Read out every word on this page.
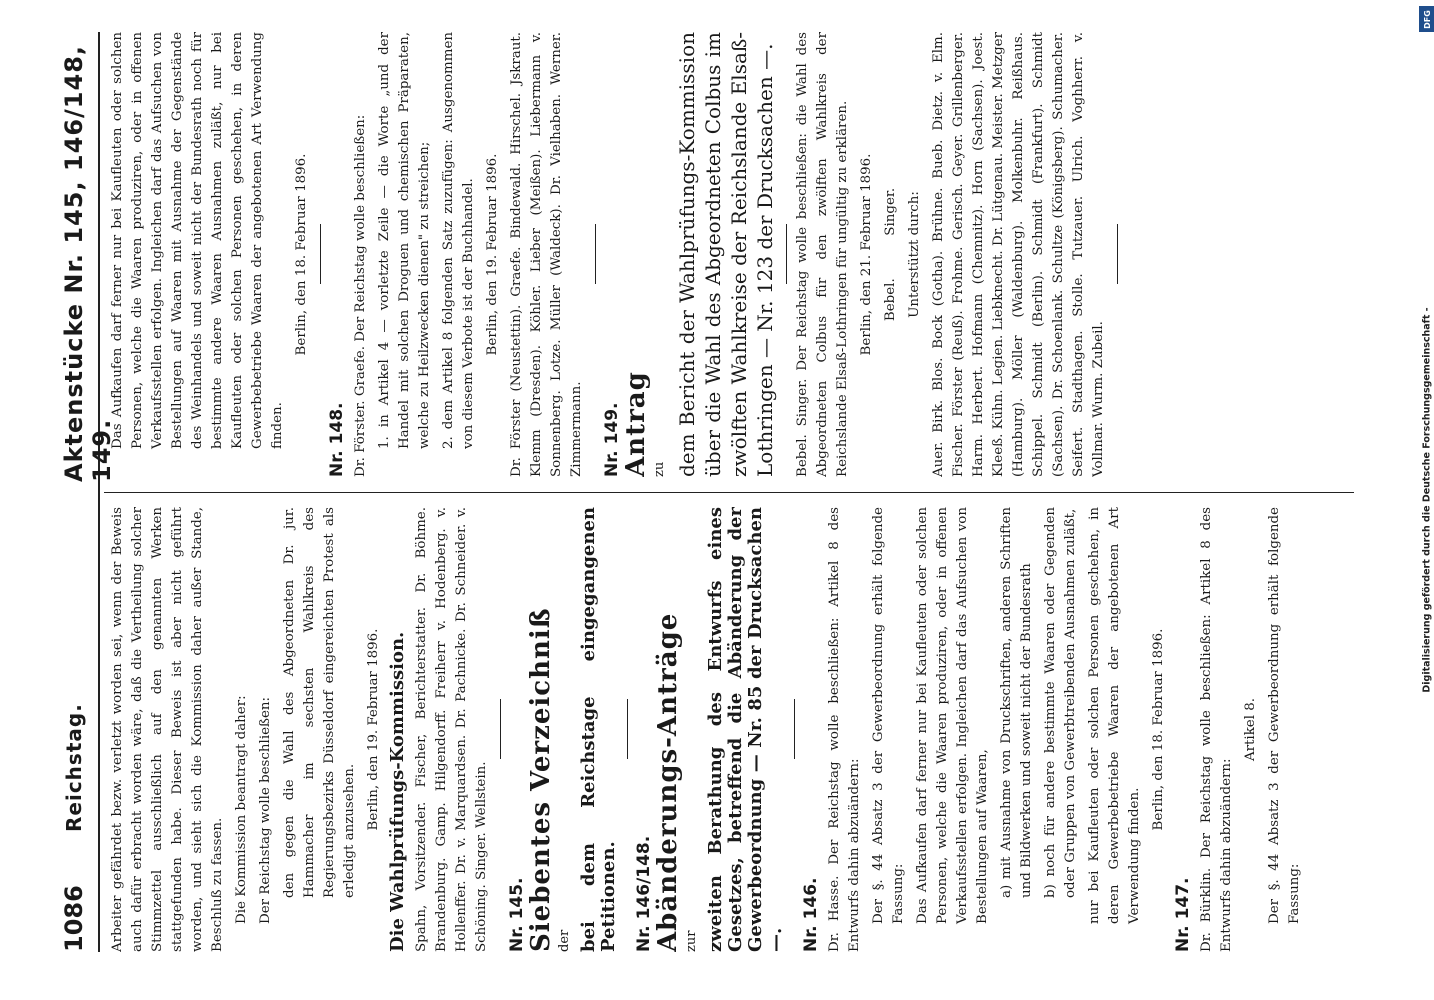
1086
Reichstag.
Aktenstücke Nr. 145, 146/148, 149.

Arbeiter gefährdet bezw. verletzt worden sei, wenn der Beweis auch dafür erbracht worden wäre, daß die Vertheilung solcher Stimmzettel ausschließlich auf den genannten Werken stattgefunden habe. Dieser Beweis ist aber nicht geführt worden, und sieht sich die Kommission daher außer Stande, Beschluß zu fassen. Die Kommission beantragt daher: Der Reichstag wolle beschließen: den gegen die Wahl des Abgeordneten Dr. jur. Hammacher im sechsten Wahlkreis des Regierungsbezirks Düsseldorf eingereichten Protest als erledigt anzusehen.

Berlin, den 19. Februar 1896. Die Wahlprüfungs-Kommission. Spahn, Vorsitzender. Fischer, Berichterstatter. Dr. Böhme. Brandenburg. Gamp. Hilgendorff. Freiherr v. Hodenberg. v. Hollenffer. Dr. v. Marquardsen. Dr. Pachnicke. Dr. Schneider. v. Schöning. Singer. Wellstein. Nr. 145. Siebentes Verzeichniß der bei dem Reichstage eingegangenen Petitionen. Nr. 146/148. Abänderungs-Anträge zur zweiten Berathung des Entwurfs eines Gesetzes, betreffend die Abänderung der Gewerbeordnung — Nr. 85 der Drucksachen —. Nr. 146. Dr. Hasse. Der Reichstag wolle beschließen: Artikel 8 des Entwurfs dahin abzuändern: Der §. 44 Absatz 3 der Gewerbeordnung erhält folgende Fassung: Das Aufkaufen darf ferner nur bei Kaufleuten oder solchen Personen, welche die Waaren produziren, oder in offenen Verkaufsstellen erfolgen. Ingleichen darf das Aufsuchen von Bestellungen auf Waaren, a) mit Ausnahme von Druckschriften, anderen Schriften und Bildwerken und soweit nicht der Bundesrath b) noch für andere bestimmte Waaren oder Gegenden oder Gruppen von Gewerbtreibenden Ausnahmen zuläßt, nur bei Kaufleuten oder solchen Personen geschehen, in deren Gewerbebetriebe Waaren der angebotenen Art Verwendung finden.

Berlin, den 18. Februar 1896.

Nr. 147. Dr. Bürklin. Der Reichstag wolle beschließen: Artikel 8 des Entwurfs dahin abzuändern:

Artikel 8. Der §. 44 Absatz 3 der Gewerbeordnung erhält folgende Fassung:

Das Aufkaufen darf ferner nur bei Kaufleuten oder solchen Personen, welche die Waaren produziren, oder in offenen Verkaufsstellen erfolgen. Ingleichen darf das Aufsuchen von Bestellungen auf Waaren mit Ausnahme der Gegenstände des Weinhandels und soweit nicht der Bundesrath noch für bestimmte andere Waaren Ausnahmen zuläßt, nur bei Kaufleuten oder solchen Personen geschehen, in deren Gewerbebetriebe Waaren der angebotenen Art Verwendung finden.

Berlin, den 18. Februar 1896.

Nr. 148. Dr. Förster. Graefe. Der Reichstag wolle beschließen: 1. in Artikel 4 — vorletzte Zeile — die Worte „und der Handel mit solchen Droguen und chemischen Präparaten, welche zu Heilzwecken dienen" zu streichen; 2. dem Artikel 8 folgenden Satz zuzufügen: Ausgenommen von diesem Verbote ist der Buchhandel. Berlin, den 19. Februar 1896. Dr. Förster (Neustettin). Graefe. Bindewald. Hirschel. Jskraut. Klemm (Dresden). Köhler. Lieber (Meißen). Liebermann v. Sonnenberg. Lotze. Müller (Waldeck). Dr. Vielhaben. Werner. Zimmermann. Nr. 149. Antrag zu dem Bericht der Wahlprüfungs-Kommission über die Wahl des Abgeordneten Colbus im zwölften Wahlkreise der Reichslande Elsaß-Lothringen — Nr. 123 der Drucksachen —. Bebel. Singer. Der Reichstag wolle beschließen: die Wahl des Abgeordneten Colbus für den zwölften Wahlkreis der Reichslande Elsaß-Lothringen für ungültig zu erklären. Berlin, den 21. Februar 1896. Bebel.          Singer. Unterstützt durch: Auer. Birk. Blos. Bock (Gotha). Brühne. Bueb. Dietz. v. Elm. Fischer. Förster (Reuß). Frohme. Gerisch. Geyer. Grillenberger. Harm. Herbert. Hofmann (Chemnitz). Horn (Sachsen). Joest. Kleeß. Kühn. Legien. Liebknecht. Dr. Lütgenau. Meister. Metzger (Hamburg). Möller (Waldenburg). Molkenbuhr. Reißhaus. Schippel. Schmidt (Berlin). Schmidt (Frankfurt). Schmidt (Sachsen). Dr. Schoenlank. Schultze (Königsberg). Schumacher. Seifert. Stadthagen. Stolle. Tutzauer. Ulrich. Voghherr. v. Vollmar. Wurm. Zubeil.

DFG
Digitalisierung gefördert durch die Deutsche Forschungsgemeinschaft -
